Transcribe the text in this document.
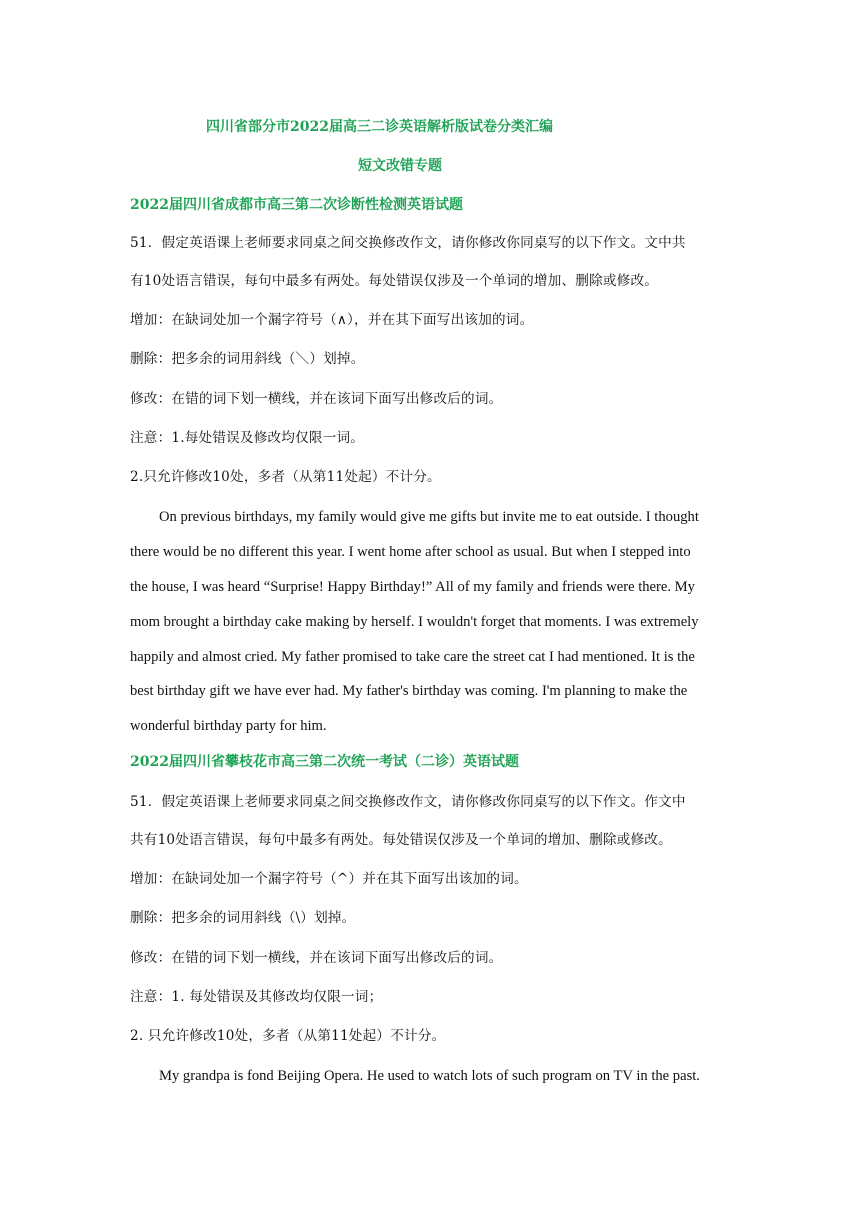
四川省部分市2022届高三二诊英语解析版试卷分类汇编
短文改错专题
2022届四川省成都市高三第二次诊断性检测英语试题
51．假定英语课上老师要求同桌之间交换修改作文，请你修改你同桌写的以下作文。文中共
有10处语言错误，每句中最多有两处。每处错误仅涉及一个单词的增加、删除或修改。
增加：在缺词处加一个漏字符号（∧），并在其下面写出该加的词。
删除：把多余的词用斜线（＼）划掉。
修改：在错的词下划一横线，并在该词下面写出修改后的词。
注意：1.每处错误及修改均仅限一词。
2.只允许修改10处，多者（从第11处起）不计分。
On previous birthdays, my family would give me gifts but invite me to eat outside. I thought
there would be no different this year. I went home after school as usual. But when I stepped into
the house, I was heard “Surprise! Happy Birthday!” All of my family and friends were there. My
mom brought a birthday cake making by herself. I wouldn't forget that moments. I was extremely
happily and almost cried. My father promised to take care the street cat I had mentioned. It is the
best birthday gift we have ever had. My father's birthday was coming. I'm planning to make the
wonderful birthday party for him.
2022届四川省攀枝花市高三第二次统一考试（二诊）英语试题
51．假定英语课上老师要求同桌之间交换修改作文，请你修改你同桌写的以下作文。作文中
共有10处语言错误，每句中最多有两处。每处错误仅涉及一个单词的增加、删除或修改。
增加：在缺词处加一个漏字符号（^）并在其下面写出该加的词。
删除：把多余的词用斜线（\）划掉。
修改：在错的词下划一横线，并在该词下面写出修改后的词。
注意：1. 每处错误及其修改均仅限一词；
2. 只允许修改10处，多者（从第11处起）不计分。
My grandpa is fond Beijing Opera. He used to watch lots of such program on TV in the past.
